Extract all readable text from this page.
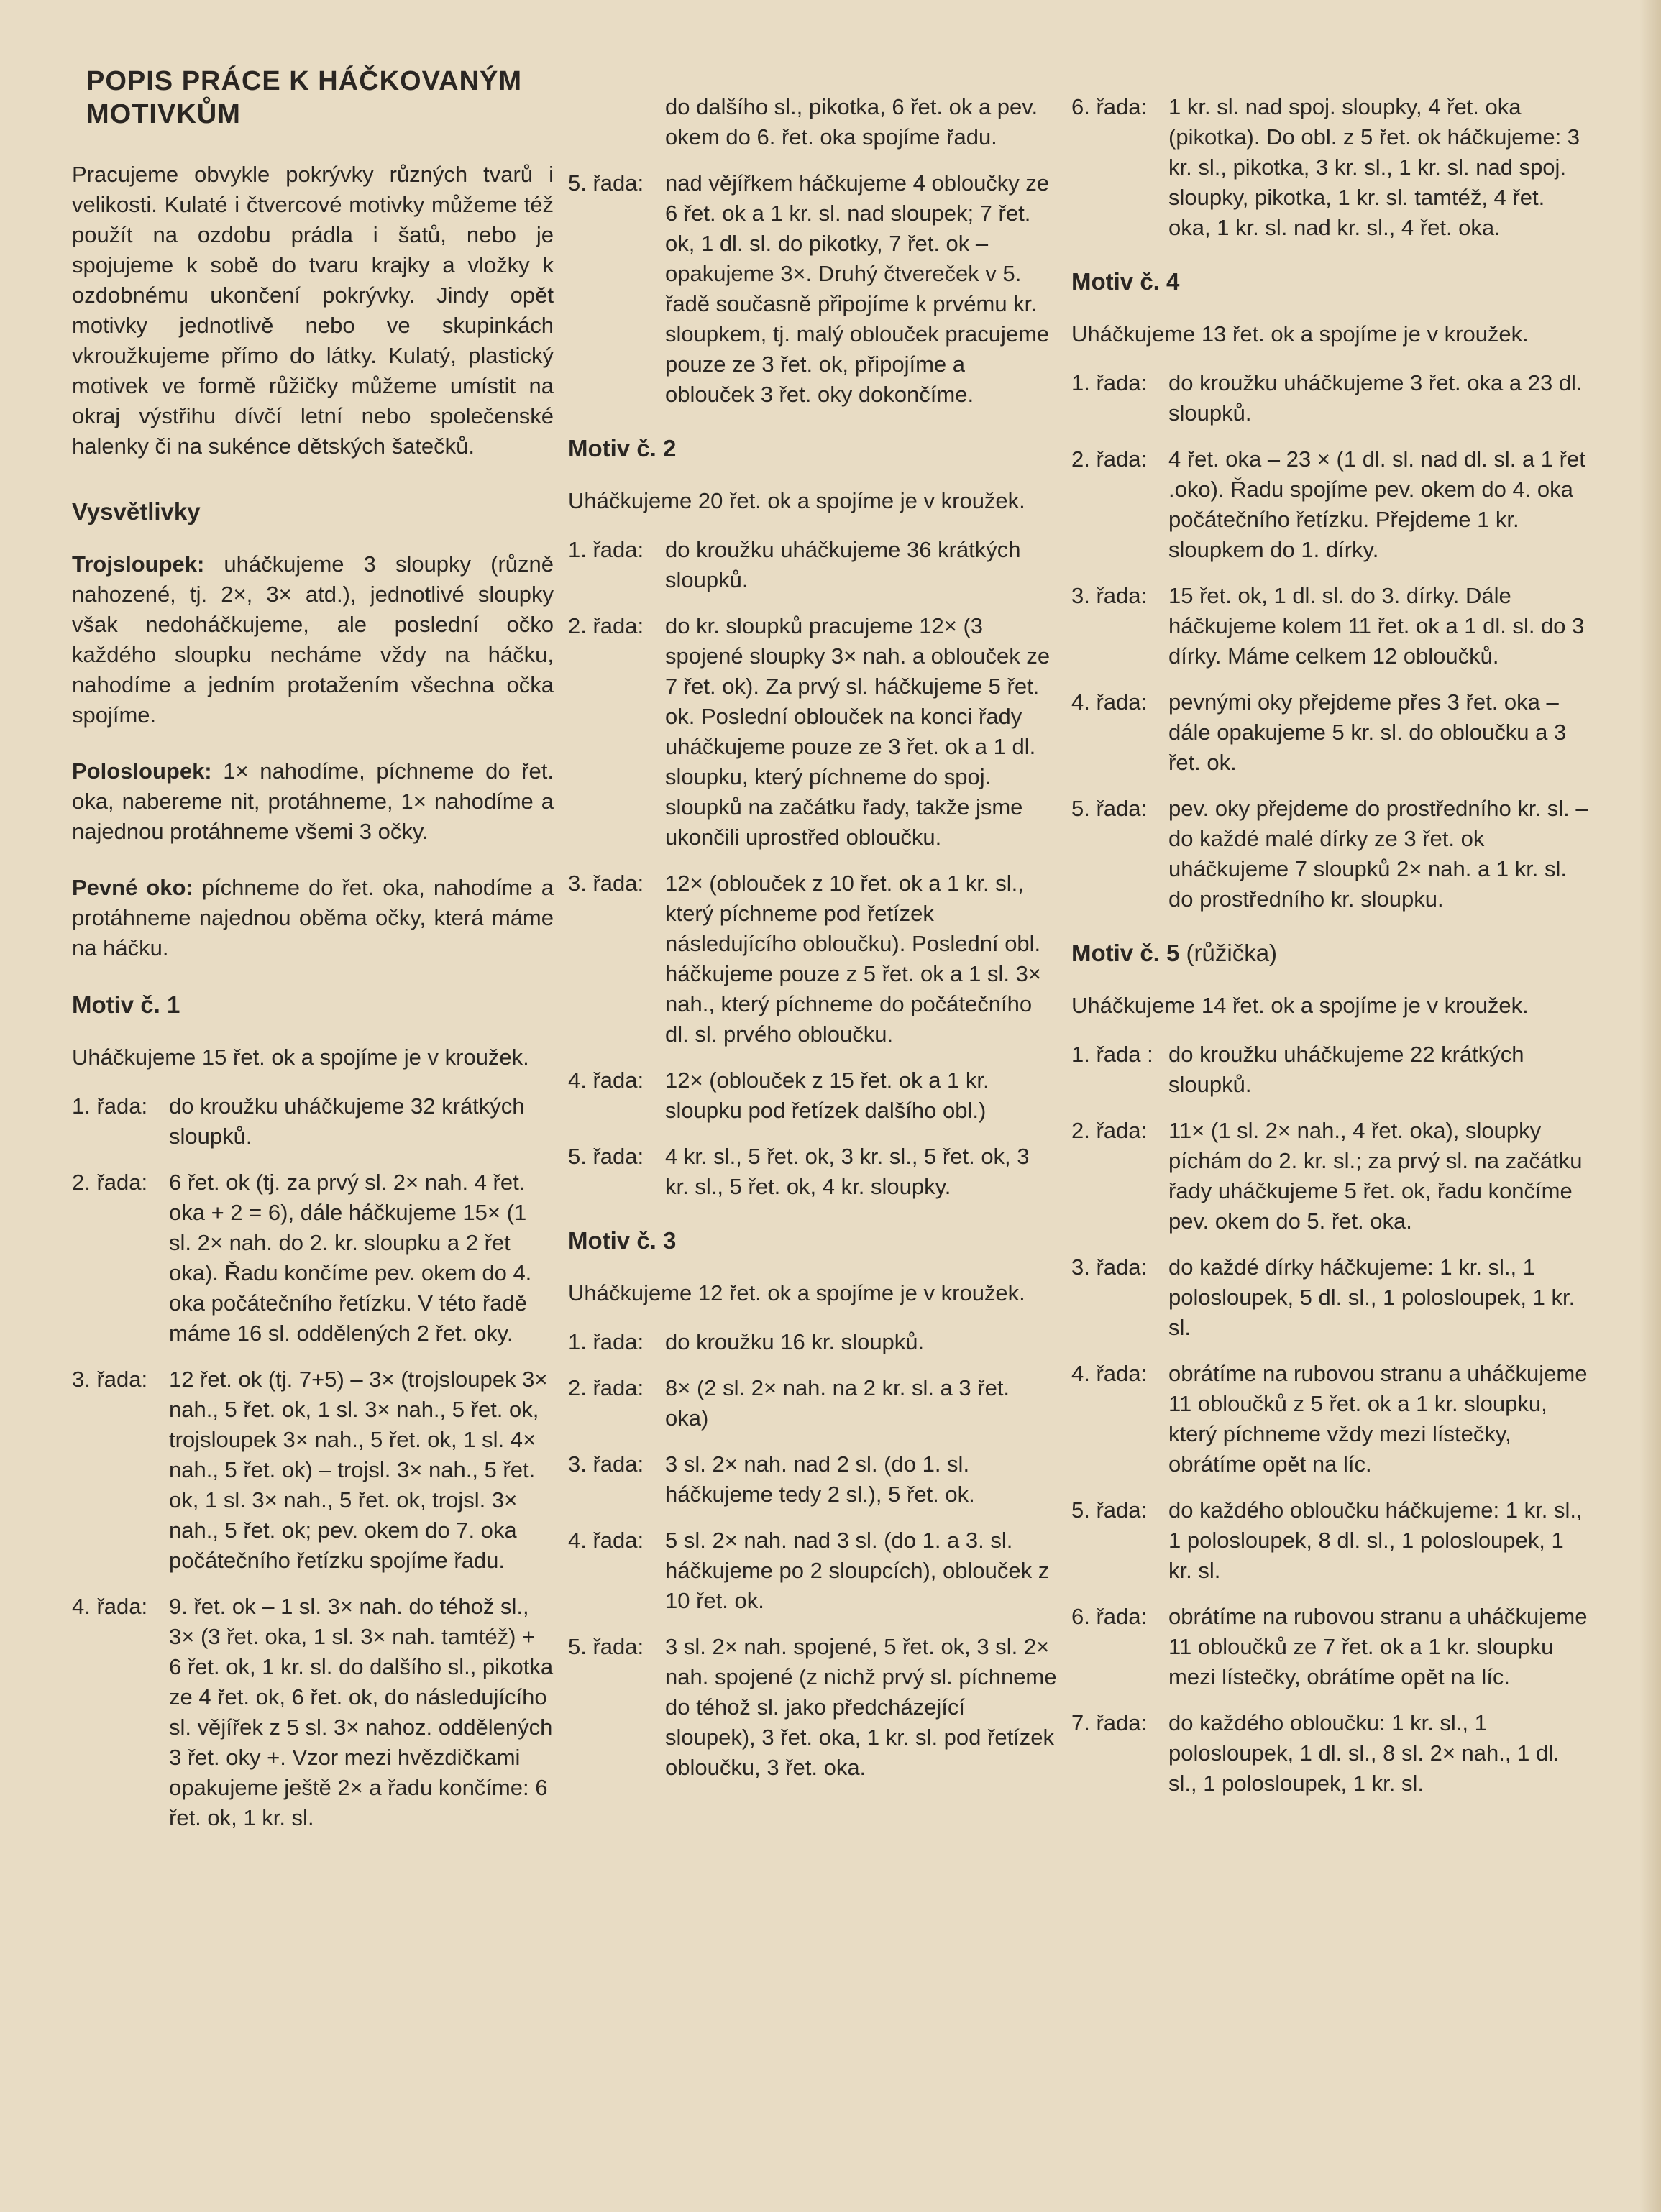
POPIS PRÁCE K HÁČKOVANÝM MOTIVKŮM

Pracujeme obvykle pokrývky různých tvarů i velikosti. Kulaté i čtvercové motivky můžeme též použít na ozdobu prádla i šatů, nebo je spojujeme k sobě do tvaru krajky a vložky k ozdobnému ukončení pokrývky. Jindy opět motivky jednotlivě nebo ve skupinkách vkroužkujeme přímo do látky. Kulatý, plastický motivek ve formě růžičky můžeme umístit na okraj výstřihu dívčí letní nebo společenské halenky či na sukénce dětských šatečků.

Vysvětlivky

Trojsloupek: uháčkujeme 3 sloupky (různě nahozené, tj. 2×, 3× atd.), jednotlivé sloupky však nedoháčkujeme, ale poslední očko každého sloupku necháme vždy na háčku, nahodíme a jedním protažením všechna očka spojíme.

Polosloupek: 1× nahodíme, píchneme do řet. oka, nabereme nit, protáhneme, 1× nahodíme a najednou protáhneme všemi 3 očky.

Pevné oko: píchneme do řet. oka, nahodíme a protáhneme najednou oběma očky, která máme na háčku.

Motiv č. 1

Uháčkujeme 15 řet. ok a spojíme je v kroužek.

1. řada: do kroužku uháčkujeme 32 krátkých sloupků.
2. řada: 6 řet. ok (tj. za prvý sl. 2× nah. 4 řet. oka + 2 = 6), dále háčkujeme 15× (1 sl. 2× nah. do 2. kr. sloupku a 2 řet oka). Řadu končíme pev. okem do 4. oka počátečního řetízku. V této řadě máme 16 sl. oddělených 2 řet. oky.
3. řada: 12 řet. ok (tj. 7+5) – 3× (trojsloupek 3× nah., 5 řet. ok, 1 sl. 3× nah., 5 řet. ok, trojsloupek 3× nah., 5 řet. ok, 1 sl. 4× nah., 5 řet. ok) – trojsl. 3× nah., 5 řet. ok, 1 sl. 3× nah., 5 řet. ok, trojsl. 3× nah., 5 řet. ok; pev. okem do 7. oka počátečního řetízku spojíme řadu.
4. řada: 9. řet. ok – 1 sl. 3× nah. do téhož sl., 3× (3 řet. oka, 1 sl. 3× nah. tamtéž) + 6 řet. ok, 1 kr. sl. do dalšího sl., pikotka ze 4 řet. ok, 6 řet. ok, do následujícího sl. vějířek z 5 sl. 3× nahoz. oddělených 3 řet. oky +. Vzor mezi hvězdičkami opakujeme ještě 2× a řadu končíme: 6 řet. ok, 1 kr. sl.

do dalšího sl., pikotka, 6 řet. ok a pev. okem do 6. řet. oka spojíme řadu.

5. řada: nad vějířkem háčkujeme 4 obloučky ze 6 řet. ok a 1 kr. sl. nad sloupek; 7 řet. ok, 1 dl. sl. do pikotky, 7 řet. ok – opakujeme 3×. Druhý čtvereček v 5. řadě současně připojíme k prvému kr. sloupkem, tj. malý oblouček pracujeme pouze ze 3 řet. ok, připojíme a oblouček 3 řet. oky dokončíme.
Motiv č. 2

Uháčkujeme 20 řet. ok a spojíme je v kroužek.

1. řada: do kroužku uháčkujeme 36 krátkých sloupků.
2. řada: do kr. sloupků pracujeme 12× (3 spojené sloupky 3× nah. a oblouček ze 7 řet. ok). Za prvý sl. háčkujeme 5 řet. ok. Poslední oblouček na konci řady uháčkujeme pouze ze 3 řet. ok a 1 dl. sloupku, který píchneme do spoj. sloupků na začátku řady, takže jsme ukončili uprostřed obloučku.
3. řada: 12× (oblouček z 10 řet. ok a 1 kr. sl., který píchneme pod řetízek následujícího obloučku). Poslední obl. háčkujeme pouze z 5 řet. ok a 1 sl. 3× nah., který píchneme do počátečního dl. sl. prvého obloučku.
4. řada: 12× (oblouček z 15 řet. ok a 1 kr. sloupku pod řetízek dalšího obl.)
5. řada: 4 kr. sl., 5 řet. ok, 3 kr. sl., 5 řet. ok, 3 kr. sl., 5 řet. ok, 4 kr. sloupky.
Motiv č. 3

Uháčkujeme 12 řet. ok a spojíme je v kroužek.

1. řada: do kroužku 16 kr. sloupků.
2. řada: 8× (2 sl. 2× nah. na 2 kr. sl. a 3 řet. oka)
3. řada: 3 sl. 2× nah. nad 2 sl. (do 1. sl. háčkujeme tedy 2 sl.), 5 řet. ok.
4. řada: 5 sl. 2× nah. nad 3 sl. (do 1. a 3. sl. háčkujeme po 2 sloupcích), oblouček z 10 řet. ok.
5. řada: 3 sl. 2× nah. spojené, 5 řet. ok, 3 sl. 2× nah. spojené (z nichž prvý sl. píchneme do téhož sl. jako předcházející sloupek), 3 řet. oka, 1 kr. sl. pod řetízek obloučku, 3 řet. oka.
6. řada: 1 kr. sl. nad spoj. sloupky, 4 řet. oka (pikotka). Do obl. z 5 řet. ok háčkujeme: 3 kr. sl., pikotka, 3 kr. sl., 1 kr. sl. nad spoj. sloupky, pikotka, 1 kr. sl. tamtéž, 4 řet. oka, 1 kr. sl. nad kr. sl., 4 řet. oka.
Motiv č. 4

Uháčkujeme 13 řet. ok a spojíme je v kroužek.

1. řada: do kroužku uháčkujeme 3 řet. oka a 23 dl. sloupků.
2. řada: 4 řet. oka – 23 × (1 dl. sl. nad dl. sl. a 1 řet .oko). Řadu spojíme pev. okem do 4. oka počátečního řetízku. Přejdeme 1 kr. sloupkem do 1. dírky.
3. řada: 15 řet. ok, 1 dl. sl. do 3. dírky. Dále háčkujeme kolem 11 řet. ok a 1 dl. sl. do 3 dírky. Máme celkem 12 obloučků.
4. řada: pevnými oky přejdeme přes 3 řet. oka – dále opakujeme 5 kr. sl. do obloučku a 3 řet. ok.
5. řada: pev. oky přejdeme do prostředního kr. sl. – do každé malé dírky ze 3 řet. ok uháčkujeme 7 sloupků 2× nah. a 1 kr. sl. do prostředního kr. sloupku.
Motiv č. 5 (růžička)

Uháčkujeme 14 řet. ok a spojíme je v kroužek.

1. řada : do kroužku uháčkujeme 22 krátkých sloupků.
2. řada: 11× (1 sl. 2× nah., 4 řet. oka), sloupky píchám do 2. kr. sl.; za prvý sl. na začátku řady uháčkujeme 5 řet. ok, řadu končíme pev. okem do 5. řet. oka.
3. řada: do každé dírky háčkujeme: 1 kr. sl., 1 polosloupek, 5 dl. sl., 1 polosloupek, 1 kr. sl.
4. řada: obrátíme na rubovou stranu a uháčkujeme 11 obloučků z 5 řet. ok a 1 kr. sloupku, který píchneme vždy mezi lístečky, obrátíme opět na líc.
5. řada: do každého obloučku háčkujeme: 1 kr. sl., 1 polosloupek, 8 dl. sl., 1 polosloupek, 1 kr. sl.
6. řada: obrátíme na rubovou stranu a uháčkujeme 11 obloučků ze 7 řet. ok a 1 kr. sloupku mezi lístečky, obrátíme opět na líc.
7. řada: do každého obloučku: 1 kr. sl., 1 polosloupek, 1 dl. sl., 8 sl. 2× nah., 1 dl. sl., 1 polosloupek, 1 kr. sl.
